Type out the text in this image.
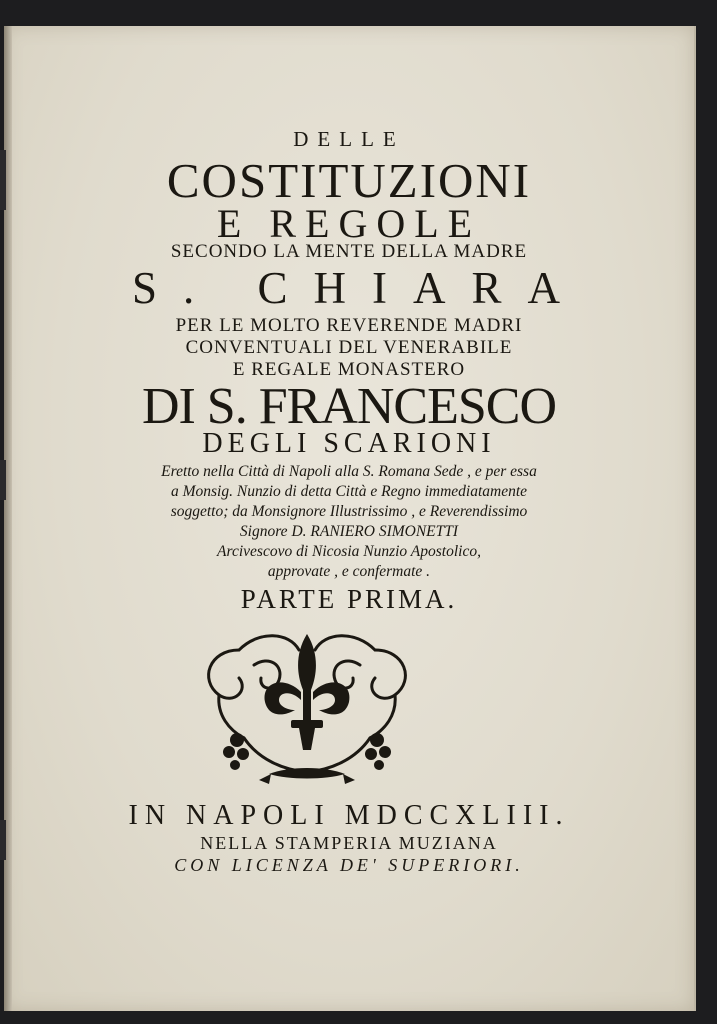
DELLE
COSTITUZIONI
E REGOLE
SECONDO LA MENTE DELLA MADRE
S. CHIARA
PER LE MOLTO REVERENDE MADRI
CONVENTUALI DEL VENERABILE
E REGALE MONASTERO
DI S. FRANCESCO
DEGLI SCARIONI
Eretto nella Città di Napoli alla S. Romana Sede , e per essa
a Monsig. Nunzio di detta Città e Regno immediatamente
soggetto; da Monsignore Illustrissimo , e Reverendissimo
Signore D. RANIERO SIMONETTI
Arcivescovo di Nicosia Nunzio Apostolico,
approvate , e confermate .
PARTE PRIMA.
IN NAPOLI MDCCXLIII.
NELLA STAMPERIA MUZIANA
CON LICENZA DE' SUPERIORI.
